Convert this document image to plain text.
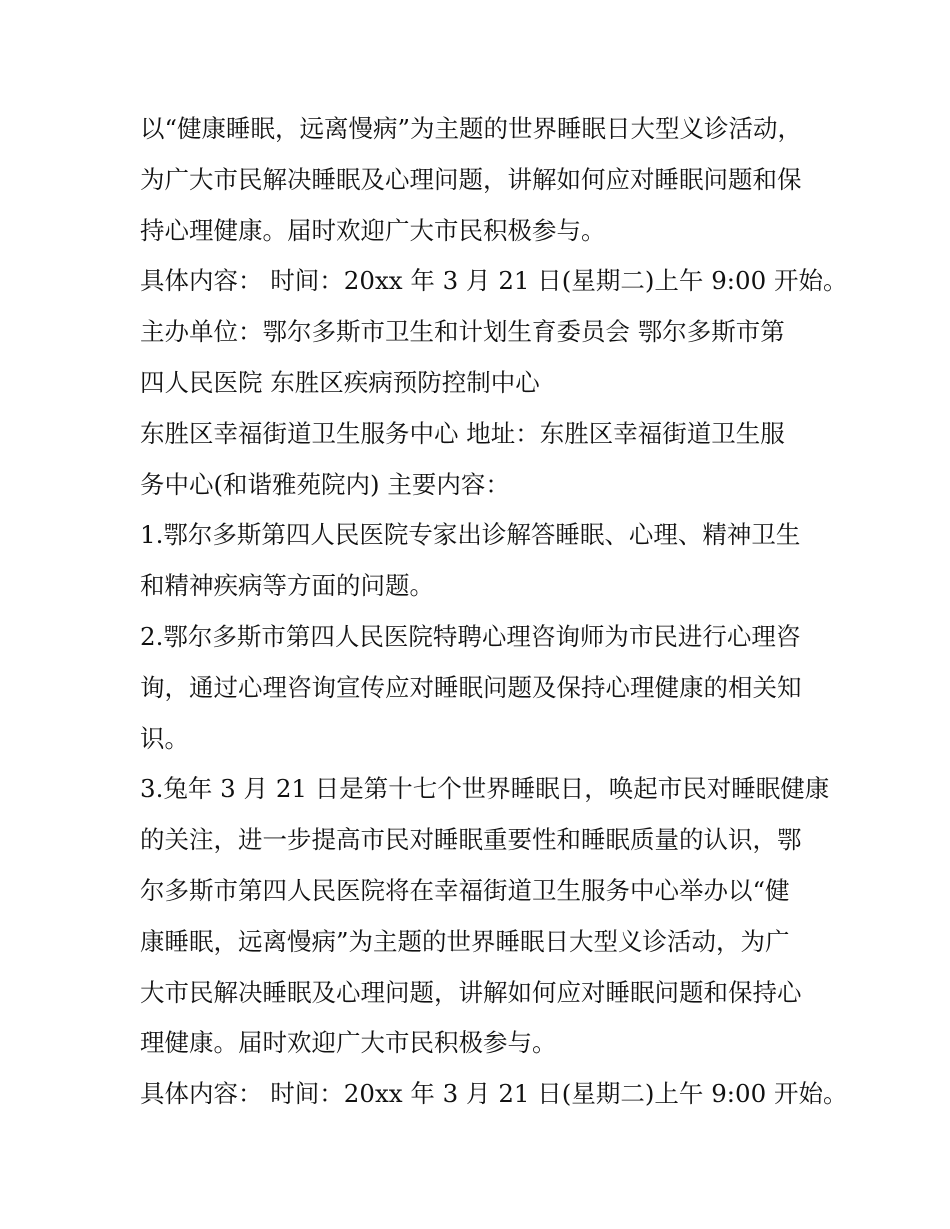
以“健康睡眠，远离慢病”为主题的世界睡眠日大型义诊活动，
为广大市民解决睡眠及心理问题，讲解如何应对睡眠问题和保
持心理健康。届时欢迎广大市民积极参与。
具体内容： 时间：20xx 年 3 月 21 日(星期二)上午 9:00 开始。
主办单位：鄂尔多斯市卫生和计划生育委员会 鄂尔多斯市第
四人民医院 东胜区疾病预防控制中心
东胜区幸福街道卫生服务中心 地址：东胜区幸福街道卫生服
务中心(和谐雅苑院内) 主要内容：
1.鄂尔多斯第四人民医院专家出诊解答睡眠、心理、精神卫生
和精神疾病等方面的问题。
2.鄂尔多斯市第四人民医院特聘心理咨询师为市民进行心理咨
询，通过心理咨询宣传应对睡眠问题及保持心理健康的相关知
识。
3.兔年 3 月 21 日是第十七个世界睡眠日，唤起市民对睡眠健康
的关注，进一步提高市民对睡眠重要性和睡眠质量的认识，鄂
尔多斯市第四人民医院将在幸福街道卫生服务中心举办以“健
康睡眠，远离慢病”为主题的世界睡眠日大型义诊活动，为广
大市民解决睡眠及心理问题，讲解如何应对睡眠问题和保持心
理健康。届时欢迎广大市民积极参与。
具体内容： 时间：20xx 年 3 月 21 日(星期二)上午 9:00 开始。
